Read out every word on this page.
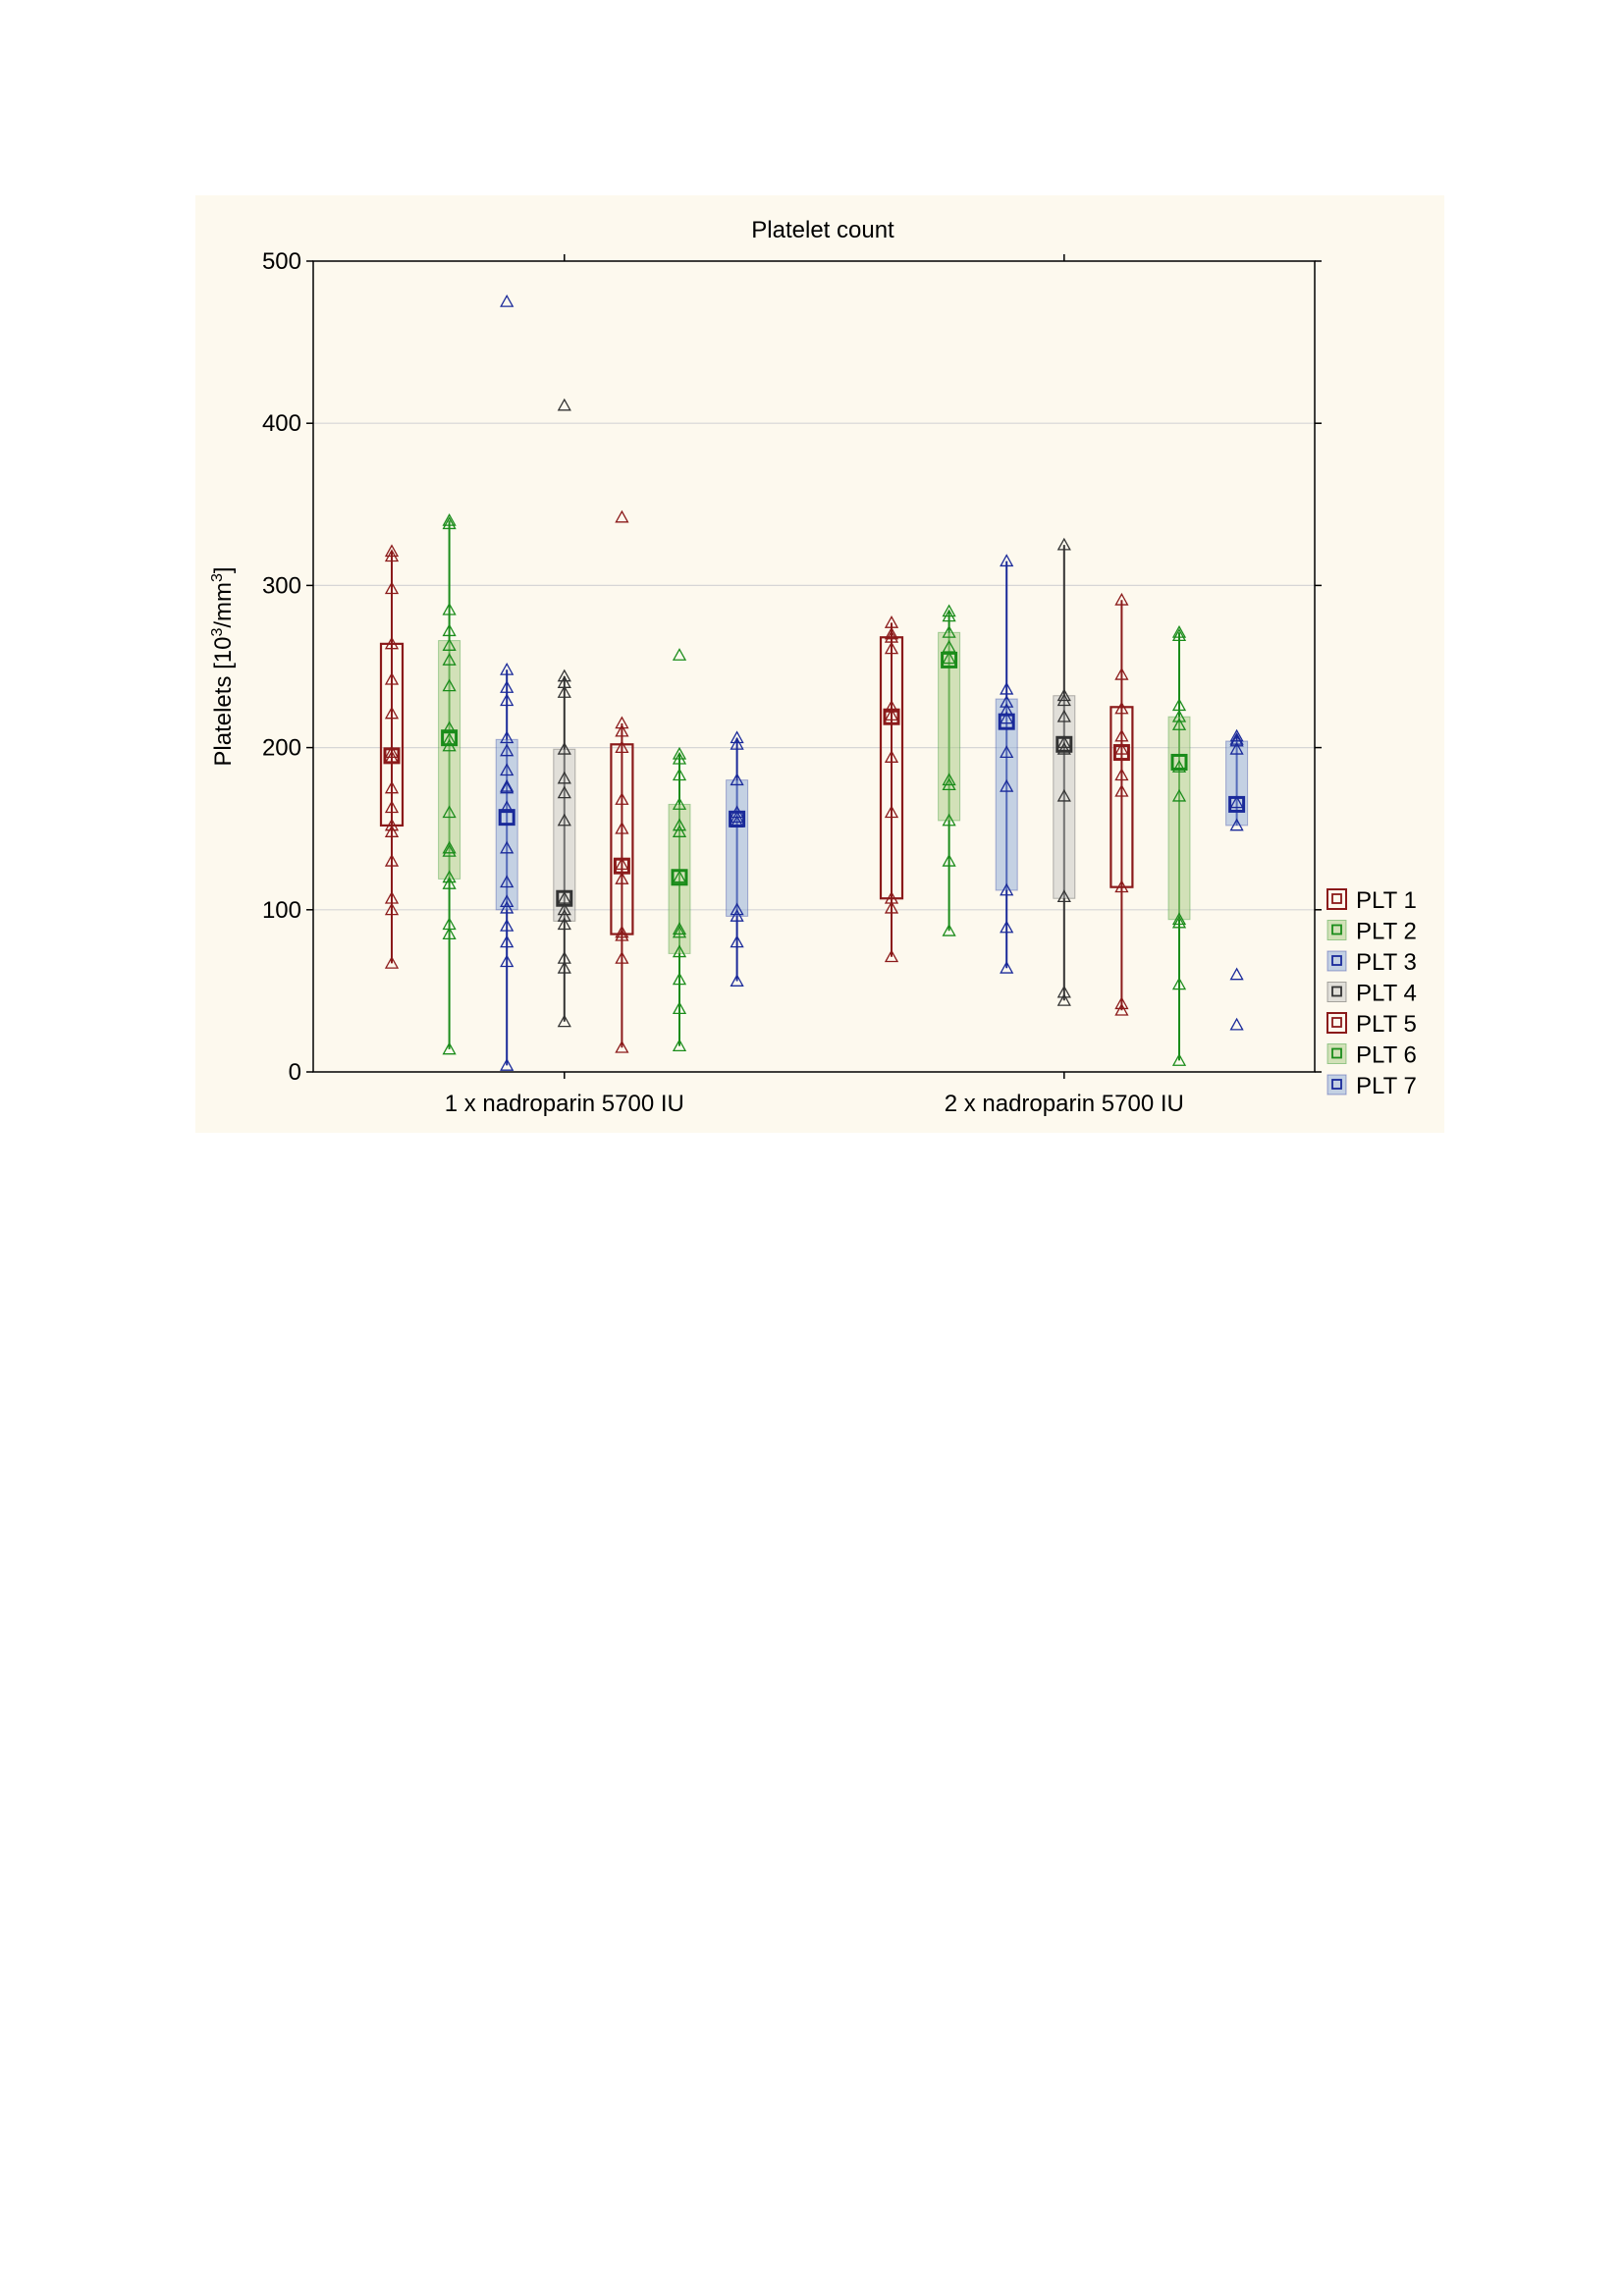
Platelet count
0
100
200
300
400
500
1 x nadroparin 5700 IU	2 x nadroparin 5700 IU
Platelets $[10^3/mm^3]$
PLT 1
PLT 2
PLT 3
PLT 4
PLT 5
PLT 6
PLT 7
